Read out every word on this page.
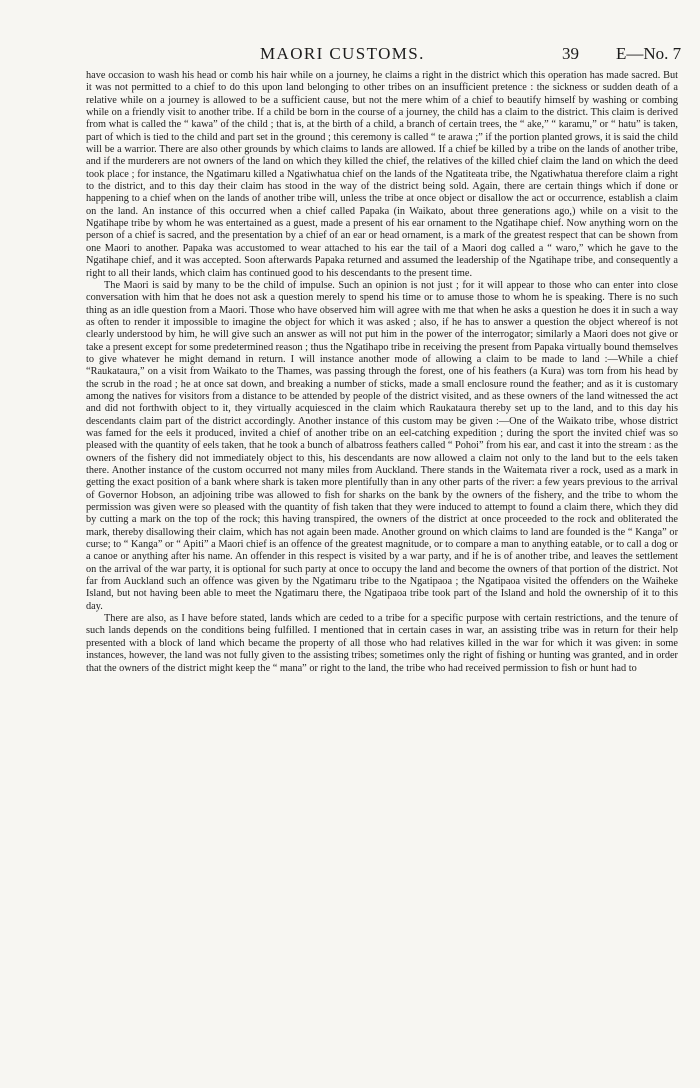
MAORI CUSTOMS.	39 E—No. 7

have occasion to wash his head or comb his hair while on a journey, he claims a right in the district which this operation has made sacred. But it was not permitted to a chief to do this upon land belonging to other tribes on an insufficient pretence : the sickness or sudden death of a relative while on a journey is allowed to be a sufficient cause, but not the mere whim of a chief to beautify himself by washing or combing while on a friendly visit to another tribe. If a child be born in the course of a journey, the child has a claim to the district. This claim is derived from what is called the “ kawa” of the child ; that is, at the birth of a child, a branch of certain trees, the “ ake,” “ karamu,” or “ hatu” is taken, part of which is tied to the child and part set in the ground ; this ceremony is called “ te arawa ;” if the portion planted grows, it is said the child will be a warrior. There are also other grounds by which claims to lands are allowed. If a chief be killed by a tribe on the lands of another tribe, and if the murderers are not owners of the land on which they killed the chief, the relatives of the killed chief claim the land on which the deed took place ; for instance, the Ngatimaru killed a Ngatiwhatua chief on the lands of the Ngatiteata tribe, the Ngatiwhatua therefore claim a right to the district, and to this day their claim has stood in the way of the district being sold. Again, there are certain things which if done or happening to a chief when on the lands of another tribe will, unless the tribe at once object or disallow the act or occurrence, establish a claim on the land. An instance of this occurred when a chief called Papaka (in Waikato, about three generations ago,) while on a visit to the Ngatihape tribe by whom he was entertained as a guest, made a present of his ear ornament to the Ngatihape chief. Now anything worn on the person of a chief is sacred, and the presentation by a chief of an ear or head ornament, is a mark of the greatest respect that can be shown from one Maori to another. Papaka was accustomed to wear attached to his ear the tail of a Maori dog called a “ waro,” which he gave to the Ngatihape chief, and it was accepted. Soon afterwards Papaka returned and assumed the leadership of the Ngatihape tribe, and consequently a right to all their lands, which claim has continued good to his descendants to the present time.

The Maori is said by many to be the child of impulse. Such an opinion is not just ; for it will appear to those who can enter into close conversation with him that he does not ask a question merely to spend his time or to amuse those to whom he is speaking. There is no such thing as an idle question from a Maori. Those who have observed him will agree with me that when he asks a question he does it in such a way as often to render it impossible to imagine the object for which it was asked ; also, if he has to answer a question the object whereof is not clearly understood by him, he will give such an answer as will not put him in the power of the interrogator; similarly a Maori does not give or take a present except for some predetermined reason ; thus the Ngatihapo tribe in receiving the present from Papaka virtually bound themselves to give whatever he might demand in return. I will instance another mode of allowing a claim to be made to land :—While a chief “Raukataura,” on a visit from Waikato to the Thames, was passing through the forest, one of his feathers (a Kura) was torn from his head by the scrub in the road ; he at once sat down, and breaking a number of sticks, made a small enclosure round the feather; and as it is customary among the natives for visitors from a distance to be attended by people of the district visited, and as these owners of the land witnessed the act and did not forthwith object to it, they virtually acquiesced in the claim which Raukataura thereby set up to the land, and to this day his descendants claim part of the district accordingly. Another instance of this custom may be given :—One of the Waikato tribe, whose district was famed for the eels it produced, invited a chief of another tribe on an eel-catching expedition ; during the sport the invited chief was so pleased with the quantity of eels taken, that he took a bunch of albatross feathers called “ Pohoi” from his ear, and cast it into the stream : as the owners of the fishery did not immediately object to this, his descendants are now allowed a claim not only to the land but to the eels taken there. Another instance of the custom occurred not many miles from Auckland. There stands in the Waitemata river a rock, used as a mark in getting the exact position of a bank where shark is taken more plentifully than in any other parts of the river: a few years previous to the arrival of Governor Hobson, an adjoining tribe was allowed to fish for sharks on the bank by the owners of the fishery, and the tribe to whom the permission was given were so pleased with the quantity of fish taken that they were induced to attempt to found a claim there, which they did by cutting a mark on the top of the rock; this having transpired, the owners of the district at once proceeded to the rock and obliterated the mark, thereby disallowing their claim, which has not again been made. Another ground on which claims to land are founded is the “ Kanga” or curse; to “ Kanga” or “ Apiti” a Maori chief is an offence of the greatest magnitude, or to compare a man to anything eatable, or to call a dog or a canoe or anything after his name. An offender in this respect is visited by a war party, and if he is of another tribe, and leaves the settlement on the arrival of the war party, it is optional for such party at once to occupy the land and become the owners of that portion of the district. Not far from Auckland such an offence was given by the Ngatimaru tribe to the Ngatipaoa ; the Ngatipaoa visited the offenders on the Waiheke Island, but not having been able to meet the Ngatimaru there, the Ngatipaoa tribe took part of the Island and hold the ownership of it to this day.

There are also, as I have before stated, lands which are ceded to a tribe for a specific purpose with certain restrictions, and the tenure of such lands depends on the conditions being fulfilled. I mentioned that in certain cases in war, an assisting tribe was in return for their help presented with a block of land which became the property of all those who had relatives killed in the war for which it was given: in some instances, however, the land was not fully given to the assisting tribes; sometimes only the right of fishing or hunting was granted, and in order that the owners of the district might keep the “ mana” or right to the land, the tribe who had received permission to fish or hunt had to
